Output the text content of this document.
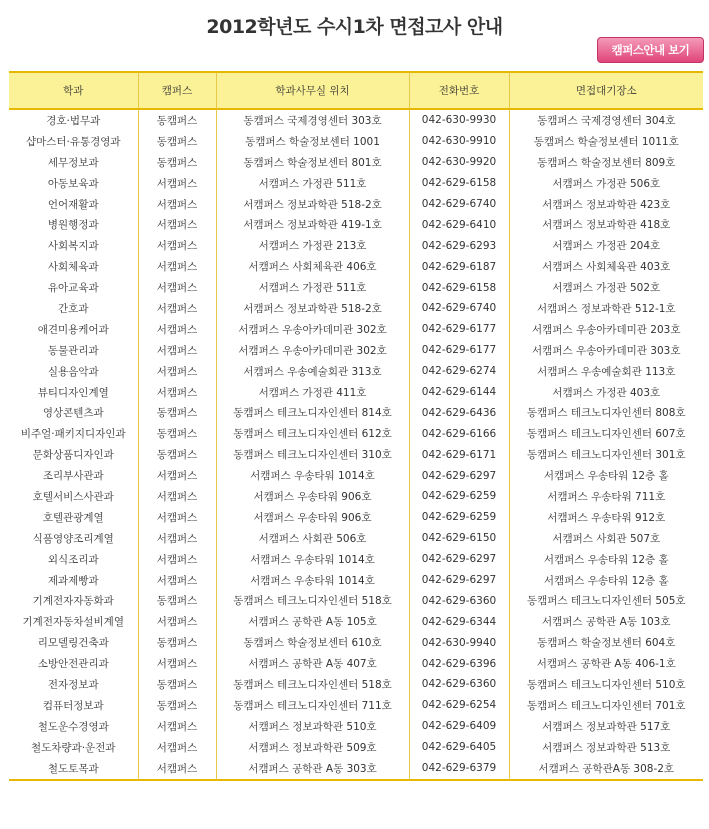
2012학년도 수시1차 면접고사 안내
캠퍼스안내 보기
학과	캠퍼스	학과사무실 위치	전화번호	면접대기장소
경호·법무과	동캠퍼스	동캠퍼스 국제경영센터 303호	042-630-9930	동캠퍼스 국제경영센터 304호
샵마스터·유통경영과	동캠퍼스	동캠퍼스 학술정보센터 1001	042-630-9910	동캠퍼스 학술정보센터 1011호
세무정보과	동캠퍼스	동캠퍼스 학술정보센터 801호	042-630-9920	동캠퍼스 학술정보센터 809호
아동보육과	서캠퍼스	서캠퍼스 가정관 511호	042-629-6158	서캠퍼스 가정관 506호
언어재활과	서캠퍼스	서캠퍼스 정보과학관 518-2호	042-629-6740	서캠퍼스 정보과학관 423호
병원행정과	서캠퍼스	서캠퍼스 정보과학관 419-1호	042-629-6410	서캠퍼스 정보과학관 418호
사회복지과	서캠퍼스	서캠퍼스 가정관 213호	042-629-6293	서캠퍼스 가정관 204호
사회체육과	서캠퍼스	서캠퍼스 사회체육관 406호	042-629-6187	서캠퍼스 사회체육관 403호
유아교육과	서캠퍼스	서캠퍼스 가정관 511호	042-629-6158	서캠퍼스 가정관 502호
간호과	서캠퍼스	서캠퍼스 정보과학관 518-2호	042-629-6740	서캠퍼스 정보과학관 512-1호
애견미용케어과	서캠퍼스	서캠퍼스 우송아카데미관 302호	042-629-6177	서캠퍼스 우송아카데미관 203호
동물관리과	서캠퍼스	서캠퍼스 우송아카데미관 302호	042-629-6177	서캠퍼스 우송아카데미관 303호
실용음악과	서캠퍼스	서캠퍼스 우송예술회관 313호	042-629-6274	서캠퍼스 우송예술회관 113호
뷰티디자인계열	서캠퍼스	서캠퍼스 가정관 411호	042-629-6144	서캠퍼스 가정관 403호
영상콘텐츠과	동캠퍼스	동캠퍼스 테크노디자인센터 814호	042-629-6436	동캠퍼스 테크노디자인센터 808호
비주얼·패키지디자인과	동캠퍼스	동캠퍼스 테크노디자인센터 612호	042-629-6166	동캠퍼스 테크노디자인센터 607호
문화상품디자인과	동캠퍼스	동캠퍼스 테크노디자인센터 310호	042-629-6171	동캠퍼스 테크노디자인센터 301호
조리부사관과	서캠퍼스	서캠퍼스 우송타워 1014호	042-629-6297	서캠퍼스 우송타워 12층 홀
호텔서비스사관과	서캠퍼스	서캠퍼스 우송타워 906호	042-629-6259	서캠퍼스 우송타워 711호
호텔관광계열	서캠퍼스	서캠퍼스 우송타워 906호	042-629-6259	서캠퍼스 우송타워 912호
식품영양조리계열	서캠퍼스	서캠퍼스 사회관 506호	042-629-6150	서캠퍼스 사회관 507호
외식조리과	서캠퍼스	서캠퍼스 우송타워 1014호	042-629-6297	서캠퍼스 우송타워 12층 홀
제과제빵과	서캠퍼스	서캠퍼스 우송타워 1014호	042-629-6297	서캠퍼스 우송타워 12층 홀
기계전자자동화과	동캠퍼스	동캠퍼스 테크노디자인센터 518호	042-629-6360	동캠퍼스 테크노디자인센터 505호
기계전자동차설비계열	서캠퍼스	서캠퍼스 공학관 A동 105호	042-629-6344	서캠퍼스 공학관 A동 103호
리모델링건축과	동캠퍼스	동캠퍼스 학술정보센터 610호	042-630-9940	동캠퍼스 학술정보센터 604호
소방안전관리과	서캠퍼스	서캠퍼스 공학관 A동 407호	042-629-6396	서캠퍼스 공학관 A동 406-1호
전자정보과	동캠퍼스	동캠퍼스 테크노디자인센터 518호	042-629-6360	동캠퍼스 테크노디자인센터 510호
컴퓨터정보과	동캠퍼스	동캠퍼스 테크노디자인센터 711호	042-629-6254	동캠퍼스 테크노디자인센터 701호
철도운수경영과	서캠퍼스	서캠퍼스 정보과학관 510호	042-629-6409	서캠퍼스 정보과학관 517호
철도차량과·운전과	서캠퍼스	서캠퍼스 정보과학관 509호	042-629-6405	서캠퍼스 정보과학관 513호
철도토목과	서캠퍼스	서캠퍼스 공학관 A동 303호	042-629-6379	서캠퍼스 공학관A동 308-2호
